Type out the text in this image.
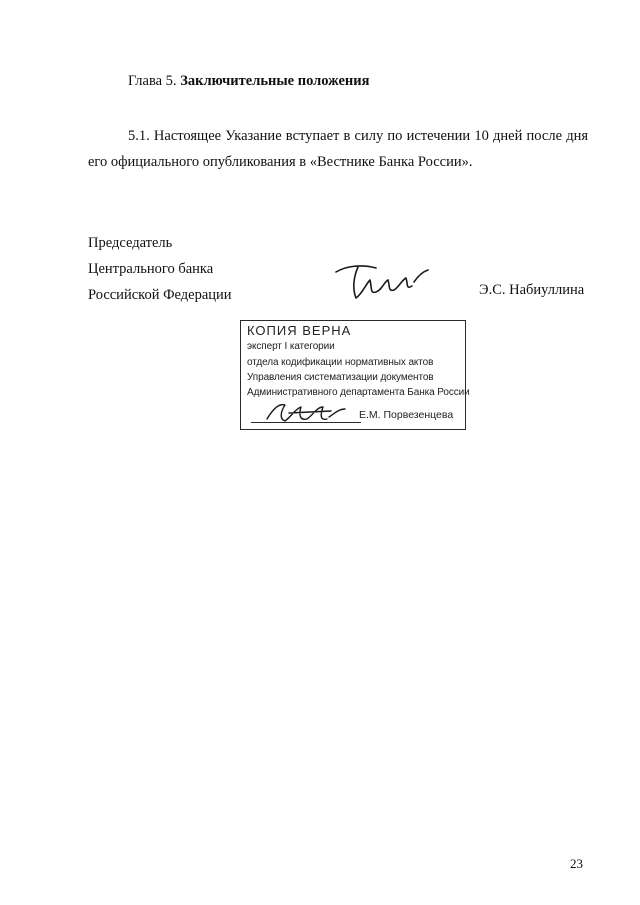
Глава 5. Заключительные положения
5.1. Настоящее Указание вступает в силу по истечении 10 дней после дня его официального опубликования в «Вестнике Банка России».
Председатель
Центрального банка
Российской Федерации	Э.С. Набиуллина
КОПИЯ ВЕРНА
эксперт I категории
отдела кодификации нормативных актов
Управления систематизации документов
Административного департамента Банка России
Е.М. Порвезенцева
23
